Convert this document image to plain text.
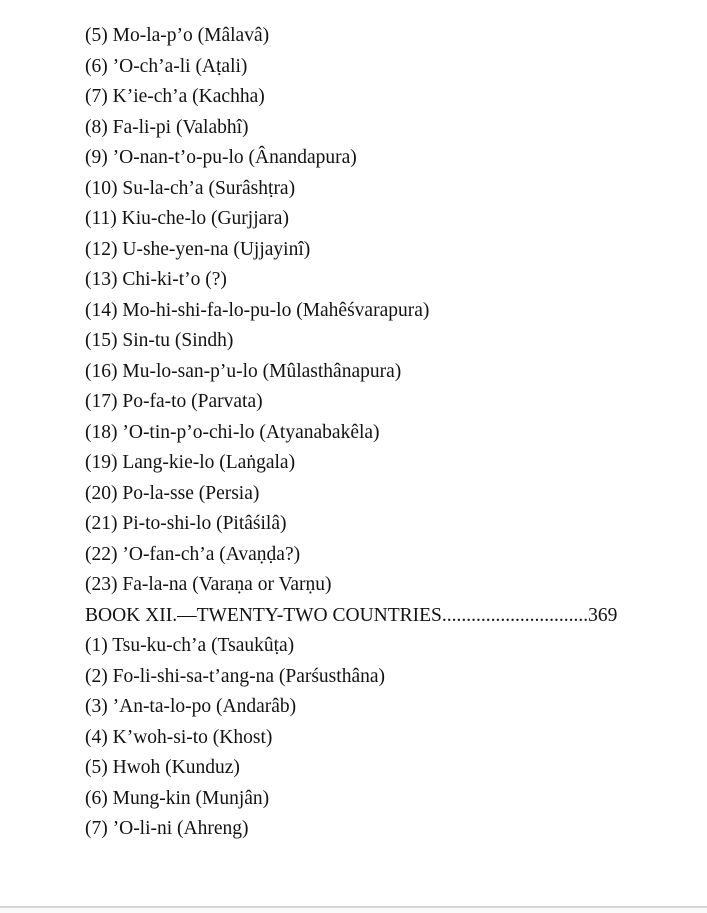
(5) Mo-la-p’o (Mâlavâ)
(6) ’O-ch’a-li (Aṭali)
(7) K’ie-ch’a (Kachha)
(8) Fa-li-pi (Valabhî)
(9) ’O-nan-t’o-pu-lo (Ânandapura)
(10) Su-la-ch’a (Surâshṭra)
(11) Kiu-che-lo (Gurjjara)
(12) U-she-yen-na (Ujjayinî)
(13) Chi-ki-t’o (?)
(14) Mo-hi-shi-fa-lo-pu-lo (Mahêśvarapura)
(15) Sin-tu (Sindh)
(16) Mu-lo-san-p’u-lo (Mûlasthânapura)
(17) Po-fa-to (Parvata)
(18) ’O-tin-p’o-chi-lo (Atyanabakêla)
(19) Lang-kie-lo (Laṅgala)
(20) Po-la-sse (Persia)
(21) Pi-to-shi-lo (Pitâśilâ)
(22) ’O-fan-ch’a (Avaṇḍa?)
(23) Fa-la-na (Varaṇa or Varṇu)
BOOK XII.—TWENTY-TWO COUNTRIES..............................369
(1) Tsu-ku-ch’a (Tsaukûṭa)
(2) Fo-li-shi-sa-t’ang-na (Parśusthâna)
(3) ’An-ta-lo-po (Andarâb)
(4) K’woh-si-to (Khost)
(5) Hwoh (Kunduz)
(6) Mung-kin (Munjân)
(7) ’O-li-ni (Ahreng)
